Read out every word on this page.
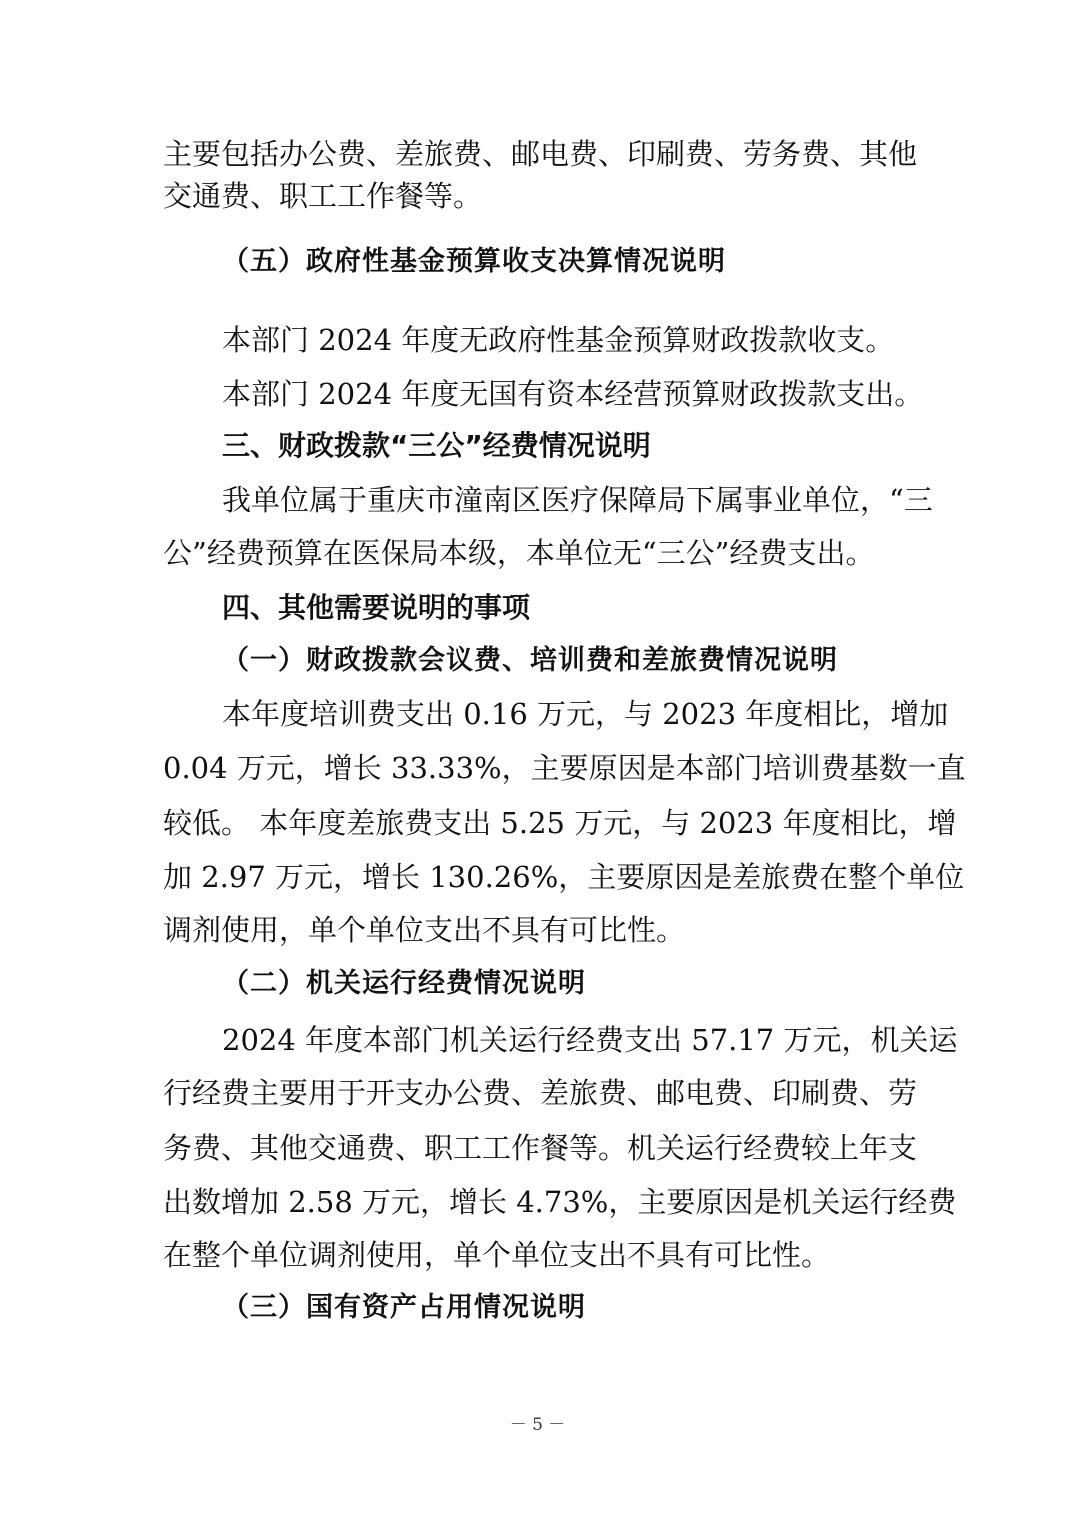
主要包括办公费、差旅费、邮电费、印刷费、劳务费、其他
交通费、职工工作餐等。
（五）政府性基金预算收支决算情况说明
本部门 2024 年度无政府性基金预算财政拨款收支。
本部门 2024 年度无国有资本经营预算财政拨款支出。
三、财政拨款“三公”经费情况说明
我单位属于重庆市潼南区医疗保障局下属事业单位，“三
公”经费预算在医保局本级，本单位无“三公”经费支出。
四、其他需要说明的事项
（一）财政拨款会议费、培训费和差旅费情况说明
本年度培训费支出 0.16 万元，与 2023 年度相比，增加
0.04 万元，增长 33.33%，主要原因是本部门培训费基数一直
较低。 本年度差旅费支出 5.25 万元，与 2023 年度相比，增
加 2.97 万元，增长 130.26%，主要原因是差旅费在整个单位
调剂使用，单个单位支出不具有可比性。
（二）机关运行经费情况说明
2024 年度本部门机关运行经费支出 57.17 万元，机关运
行经费主要用于开支办公费、差旅费、邮电费、印刷费、劳
务费、其他交通费、职工工作餐等。机关运行经费较上年支
出数增加 2.58 万元，增长 4.73%，主要原因是机关运行经费
在整个单位调剂使用，单个单位支出不具有可比性。
（三）国有资产占用情况说明
－ 5 －
